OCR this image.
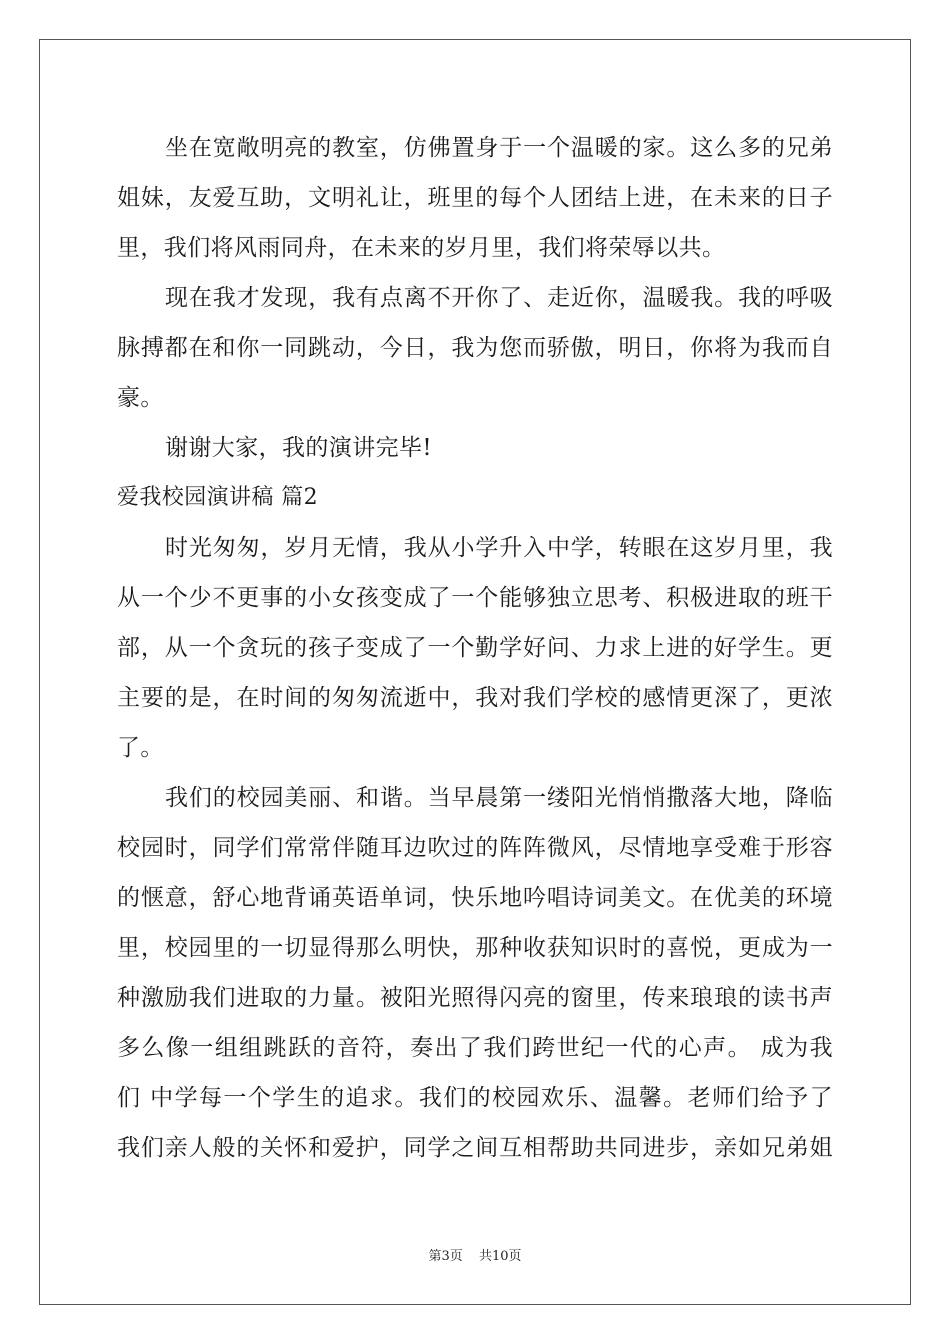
坐在宽敞明亮的教室，仿佛置身于一个温暖的家。这么多的兄弟
姐妹，友爱互助，文明礼让，班里的每个人团结上进，在未来的日子
里，我们将风雨同舟，在未来的岁月里，我们将荣辱以共。
现在我才发现，我有点离不开你了、走近你，温暖我。我的呼吸
脉搏都在和你一同跳动，今日，我为您而骄傲，明日，你将为我而自
豪。
谢谢大家，我的演讲完毕!
爱我校园演讲稿 篇2
时光匆匆，岁月无情，我从小学升入中学，转眼在这岁月里，我
从一个少不更事的小女孩变成了一个能够独立思考、积极进取的班干
部，从一个贪玩的孩子变成了一个勤学好问、力求上进的好学生。更
主要的是，在时间的匆匆流逝中，我对我们学校的感情更深了，更浓
了。
我们的校园美丽、和谐。当早晨第一缕阳光悄悄撒落大地，降临
校园时，同学们常常伴随耳边吹过的阵阵微风，尽情地享受难于形容
的惬意，舒心地背诵英语单词，快乐地吟唱诗词美文。在优美的环境
里，校园里的一切显得那么明快，那种收获知识时的喜悦，更成为一
种激励我们进取的力量。被阳光照得闪亮的窗里，传来琅琅的读书声
多么像一组组跳跃的音符，奏出了我们跨世纪一代的心声。 成为我
们 中学每一个学生的追求。我们的校园欢乐、温馨。老师们给予了
我们亲人般的关怀和爱护，同学之间互相帮助共同进步，亲如兄弟姐
第3页 共10页
